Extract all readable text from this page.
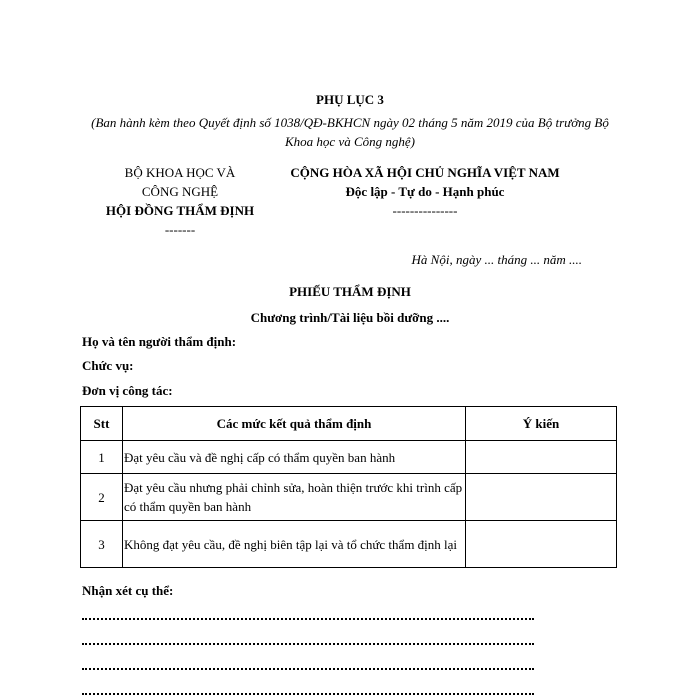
PHỤ LỤC 3
(Ban hành kèm theo Quyết định số 1038/QĐ-BKHCN ngày 02 tháng 5 năm 2019 của Bộ trưởng Bộ Khoa học và Công nghệ)
BỘ KHOA HỌC VÀ
CÔNG NGHỆ
HỘI ĐỒNG THẨM ĐỊNH
-------
CỘNG HÒA XÃ HỘI CHỦ NGHĨA VIỆT NAM
Độc lập - Tự do - Hạnh phúc
---------------
Hà Nội, ngày ... tháng ... năm ....
PHIẾU THẨM ĐỊNH
Chương trình/Tài liệu bồi dưỡng ....
Họ và tên người thẩm định:
Chức vụ:
Đơn vị công tác:
Stt	Các mức kết quả thẩm định	Ý kiến
1	Đạt yêu cầu và đề nghị cấp có thẩm quyền ban hành	
2	Đạt yêu cầu nhưng phải chỉnh sửa, hoàn thiện trước khi trình cấp có thẩm quyền ban hành	
3	Không đạt yêu cầu, đề nghị biên tập lại và tổ chức thẩm định lại	
Nhận xét cụ thể:
